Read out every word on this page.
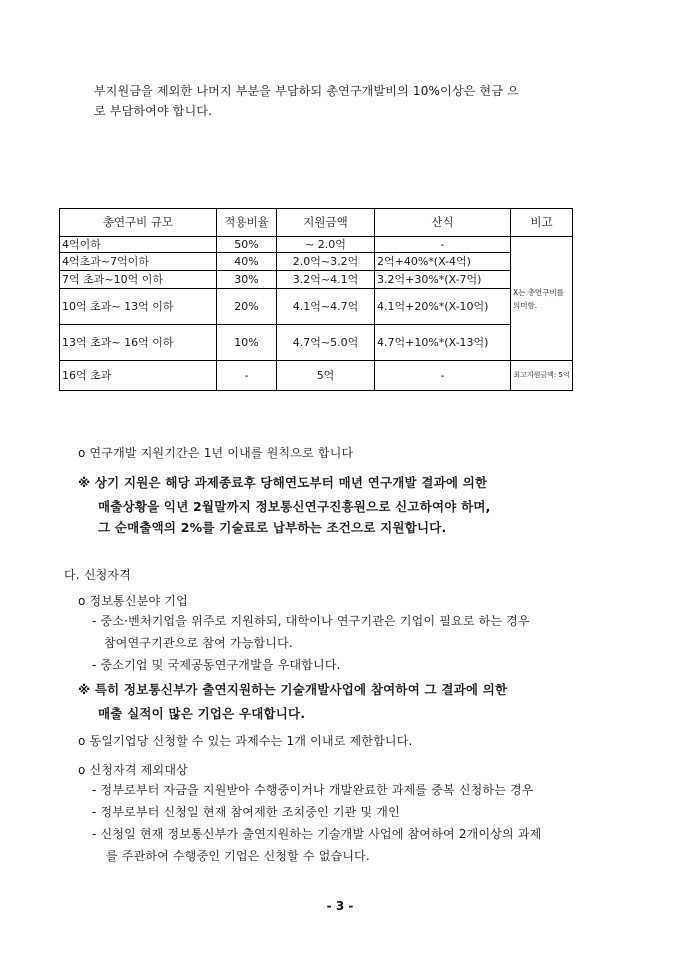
부지원금을 제외한 나머지 부분을 부담하되 총연구개발비의 10%이상은 현금 으
로 부담하여야 합니다.
총연구비 규모	적용비율	지원금액	산식	비고
4억이하	50%	~ 2.0억	-	X는 총연구비를 의미함.
4억초과~7억이하	40%	2.0억~3.2억	2억+40%*(X-4억)	
7억 초과~10억 이하	30%	3.2억~4.1억	3.2억+30%*(X-7억)	
10억 초과~ 13억 이하	20%	4.1억~4.7억	4.1억+20%*(X-10억)	
13억 초과~ 16억 이하	10%	4.7억~5.0억	4.7억+10%*(X-13억)	
16억 초과	-	5억	-	최고지원금액: 5억
o 연구개발 지원기간은 1년 이내를 원칙으로 합니다
※ 상기 지원은 해당 과제종료후 당해연도부터 매년 연구개발 결과에 의한
매출상황을 익년 2월말까지 정보통신연구진흥원으로 신고하여야 하며,
그 순매출액의 2%를 기술료로 납부하는 조건으로 지원합니다.
다. 신청자격
o 정보통신분야 기업
- 중소·벤처기업을 위주로 지원하되, 대학이나 연구기관은 기업이 필요로 하는 경우
참여연구기관으로 참여 가능합니다.
- 중소기업 및 국제공동연구개발을 우대합니다.
※ 특히 정보통신부가 출연지원하는 기술개발사업에 참여하여 그 결과에 의한
매출 실적이 많은 기업은 우대합니다.
o 동일기업당 신청할 수 있는 과제수는 1개 이내로 제한합니다.
o 신청자격 제외대상
- 정부로부터 자금을 지원받아 수행중이거나 개발완료한 과제를 중복 신청하는 경우
- 정부로부터 신청일 현재 참여제한 조치중인 기관 및 개인
- 신청일 현재 정보통신부가 출연지원하는 기술개발 사업에 참여하여 2개이상의 과제
를 주관하여 수행중인 기업은 신청할 수 없습니다.
- 3 -
